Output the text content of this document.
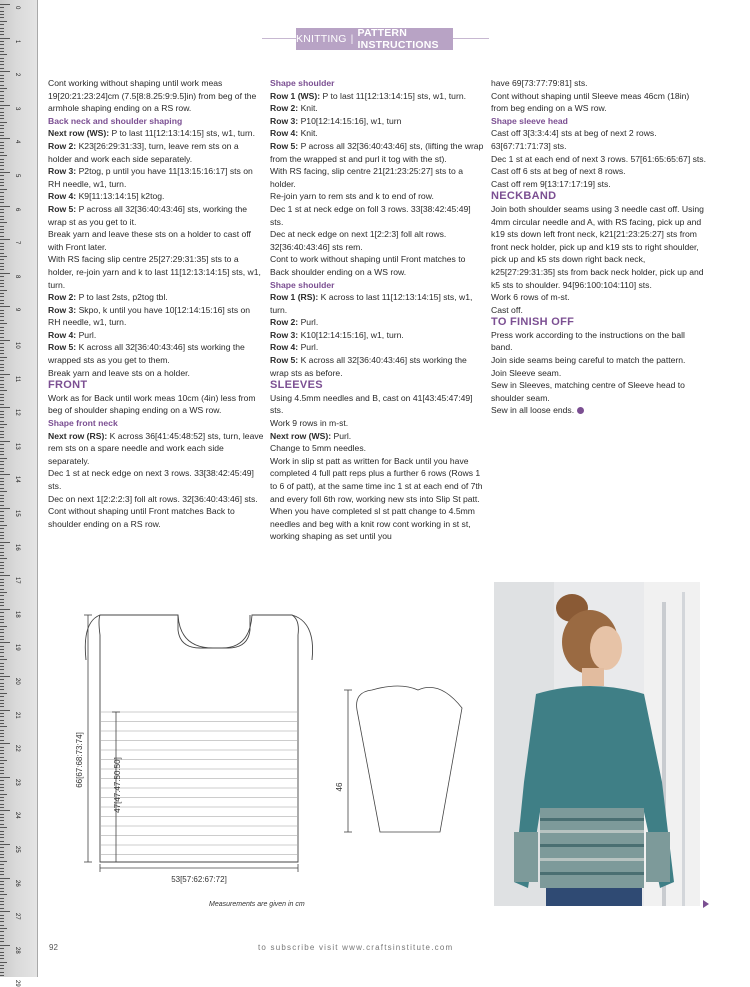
0
1
2
3
4
5
6
7
8
9
10
11
12
13
14
15
16
17
18
19
20
21
22
23
24
25
26
27
28
29
KNITTING | PATTERN INSTRUCTIONS

Cont working without shaping until work meas 19[20:21:23:24]cm (7.5[8:8.25:9:9.5]in) from beg of the armhole shaping ending on a RS row.

Back neck and shoulder shaping

Next row (WS): P to last 11[12:13:14:15] sts, w1, turn.

Row 2: K23[26:29:31:33], turn, leave rem sts on a holder and work each side separately.

Row 3: P2tog, p until you have 11[13:15:16:17] sts on RH needle, w1, turn.

Row 4: K9[11:13:14:15] k2tog.

Row 5: P across all 32[36:40:43:46] sts, working the wrap st as you get to it.

Break yarn and leave these sts on a holder to cast off with Front later.

With RS facing slip centre 25[27:29:31:35] sts to a holder, re-join yarn and k to last 11[12:13:14:15] sts, w1, turn.

Row 2: P to last 2sts, p2tog tbl.

Row 3: Skpo, k until you have 10[12:14:15:16] sts on RH needle, w1, turn.

Row 4: Purl.

Row 5: K across all 32[36:40:43:46] sts working the wrapped sts as you get to them.

Break yarn and leave sts on a holder.

FRONT

Work as for Back until work meas 10cm (4in) less from beg of shoulder shaping ending on a WS row.

Shape front neck

Next row (RS): K across 36[41:45:48:52] sts, turn, leave rem sts on a spare needle and work each side separately.

Dec 1 st at neck edge on next 3 rows. 33[38:42:45:49] sts.

Dec on next 1[2:2:2:3] foll alt rows. 32[36:40:43:46] sts.

Cont without shaping until Front matches Back to shoulder ending on a RS row.

Shape shoulder

Row 1 (WS): P to last 11[12:13:14:15] sts, w1, turn.

Row 2: Knit.

Row 3: P10[12:14:15:16], w1, turn

Row 4: Knit.

Row 5: P across all 32[36:40:43:46] sts, (lifting the wrap from the wrapped st and purl it tog with the st).

With RS facing, slip centre 21[21:23:25:27] sts to a holder.

Re-join yarn to rem sts and k to end of row.

Dec 1 st at neck edge on foll 3 rows. 33[38:42:45:49] sts.

Dec at neck edge on next 1[2:2:3] foll alt rows. 32[36:40:43:46] sts rem.

Cont to work without shaping until Front matches to Back shoulder ending on a WS row.

Shape shoulder

Row 1 (RS): K across to last 11[12:13:14:15] sts, w1, turn.

Row 2: Purl.

Row 3: K10[12:14:15:16], w1, turn.

Row 4: Purl.

Row 5: K across all 32[36:40:43:46] sts working the wrap sts as before.

SLEEVES

Using 4.5mm needles and B, cast on 41[43:45:47:49] sts.

Work 9 rows in m-st.

Next row (WS): Purl.

Change to 5mm needles.

Work in slip st patt as written for Back until you have completed 4 full patt reps plus a further 6 rows (Rows 1 to 6 of patt), at the same time inc 1 st at each end of 7th and every foll 6th row, working new sts into Slip St patt.

When you have completed sl st patt change to 4.5mm needles and beg with a knit row cont working in st st, working shaping as set until you

have 69[73:77:79:81] sts.

Cont without shaping until Sleeve meas 46cm (18in) from beg ending on a WS row.

Shape sleeve head

Cast off 3[3:3:4:4] sts at beg of next 2 rows. 63[67:71:71:73] sts.

Dec 1 st at each end of next 3 rows. 57[61:65:65:67] sts.

Cast off 6 sts at beg of next 8 rows.

Cast off rem 9[13:17:17:19] sts.

NECKBAND

Join both shoulder seams using 3 needle cast off. Using 4mm circular needle and A, with RS facing, pick up and k19 sts down left front neck, k21[21:23:25:27] sts from front neck holder, pick up and k19 sts to right shoulder, pick up and k5 sts down right back neck, k25[27:29:31:35] sts from back neck holder, pick up and k5 sts to shoulder. 94[96:100:104:110] sts.

Work 6 rows of m-st.

Cast off.

TO FINISH OFF

Press work according to the instructions on the ball band.

Join side seams being careful to match the pattern.

Join Sleeve seam.

Sew in Sleeves, matching centre of Sleeve head to shoulder seam.

Sew in all loose ends.

66[67:68:73:74]	47[47:47:50:50]
53[57:62:67:72]
46
Measurements are given in cm
92	to subscribe visit www.craftsinstitute.com
